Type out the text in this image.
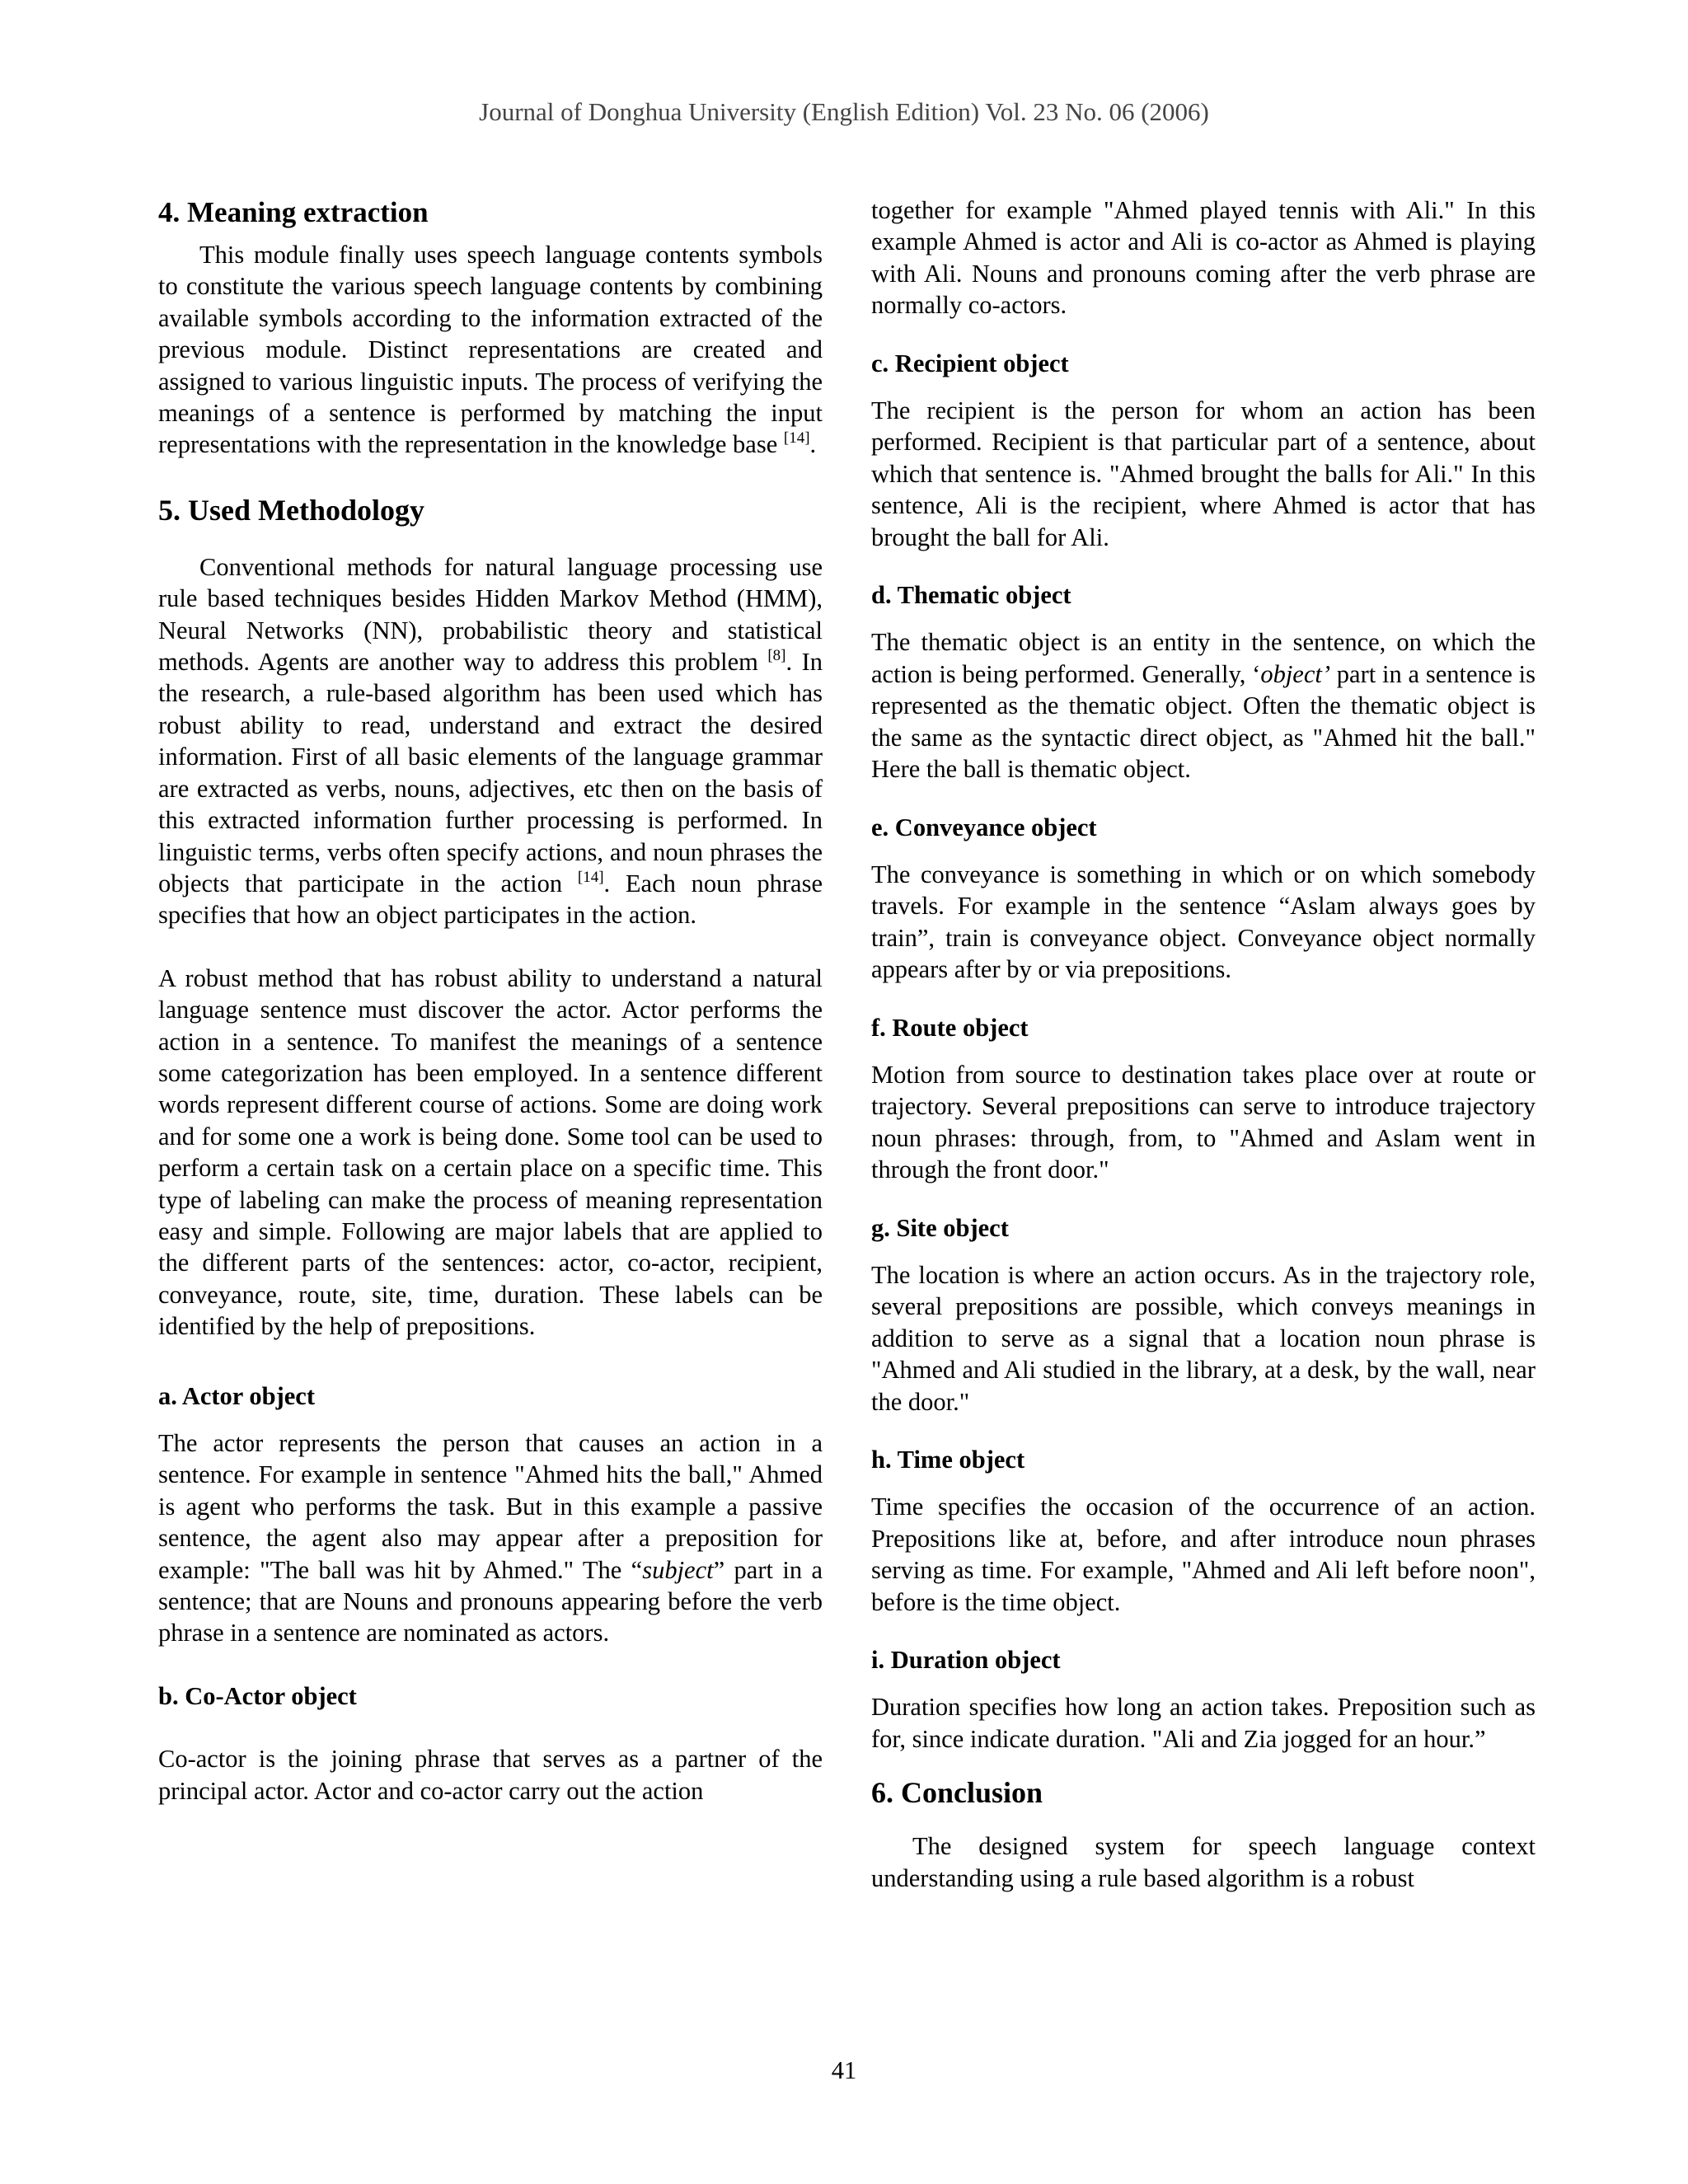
Journal of Donghua University (English Edition) Vol. 23 No. 06 (2006)
4. Meaning extraction

This module finally uses speech language contents symbols to constitute the various speech language contents by combining available symbols according to the information extracted of the previous module. Distinct representations are created and assigned to various linguistic inputs. The process of verifying the meanings of a sentence is performed by matching the input representations with the representation in the knowledge base [14].

5. Used Methodology

Conventional methods for natural language processing use rule based techniques besides Hidden Markov Method (HMM), Neural Networks (NN), probabilistic theory and statistical methods. Agents are another way to address this problem [8]. In the research, a rule-based algorithm has been used which has robust ability to read, understand and extract the desired information. First of all basic elements of the language grammar are extracted as verbs, nouns, adjectives, etc then on the basis of this extracted information further processing is performed. In linguistic terms, verbs often specify actions, and noun phrases the objects that participate in the action [14]. Each noun phrase specifies that how an object participates in the action.

A robust method that has robust ability to understand a natural language sentence must discover the actor. Actor performs the action in a sentence. To manifest the meanings of a sentence some categorization has been employed. In a sentence different words represent different course of actions. Some are doing work and for some one a work is being done. Some tool can be used to perform a certain task on a certain place on a specific time. This type of labeling can make the process of meaning representation easy and simple. Following are major labels that are applied to the different parts of the sentences: actor, co-actor, recipient, conveyance, route, site, time, duration. These labels can be identified by the help of prepositions.

a. Actor object

The actor represents the person that causes an action in a sentence. For example in sentence "Ahmed hits the ball," Ahmed is agent who performs the task. But in this example a passive sentence, the agent also may appear after a preposition for example: "The ball was hit by Ahmed." The “subject” part in a sentence; that are Nouns and pronouns appearing before the verb phrase in a sentence are nominated as actors.

b. Co-Actor object

Co-actor is the joining phrase that serves as a partner of the principal actor. Actor and co-actor carry out the action

together for example "Ahmed played tennis with Ali." In this example Ahmed is actor and Ali is co-actor as Ahmed is playing with Ali. Nouns and pronouns coming after the verb phrase are normally co-actors.

c. Recipient object

The recipient is the person for whom an action has been performed. Recipient is that particular part of a sentence, about which that sentence is. "Ahmed brought the balls for Ali." In this sentence, Ali is the recipient, where Ahmed is actor that has brought the ball for Ali.

d. Thematic object

The thematic object is an entity in the sentence, on which the action is being performed. Generally, ‘object’ part in a sentence is represented as the thematic object. Often the thematic object is the same as the syntactic direct object, as "Ahmed hit the ball." Here the ball is thematic object.

e. Conveyance object

The conveyance is something in which or on which somebody travels. For example in the sentence “Aslam always goes by train”, train is conveyance object. Conveyance object normally appears after by or via prepositions.

f. Route object

Motion from source to destination takes place over at route or trajectory. Several prepositions can serve to introduce trajectory noun phrases: through, from, to "Ahmed and Aslam went in through the front door."

g. Site object

The location is where an action occurs. As in the trajectory role, several prepositions are possible, which conveys meanings in addition to serve as a signal that a location noun phrase is "Ahmed and Ali studied in the library, at a desk, by the wall, near the door."

h. Time object

Time specifies the occasion of the occurrence of an action. Prepositions like at, before, and after introduce noun phrases serving as time. For example, "Ahmed and Ali left before noon", before is the time object.

i. Duration object

Duration specifies how long an action takes. Preposition such as for, since indicate duration. "Ali and Zia jogged for an hour.”

6. Conclusion

The designed system for speech language context understanding using a rule based algorithm is a robust

41
